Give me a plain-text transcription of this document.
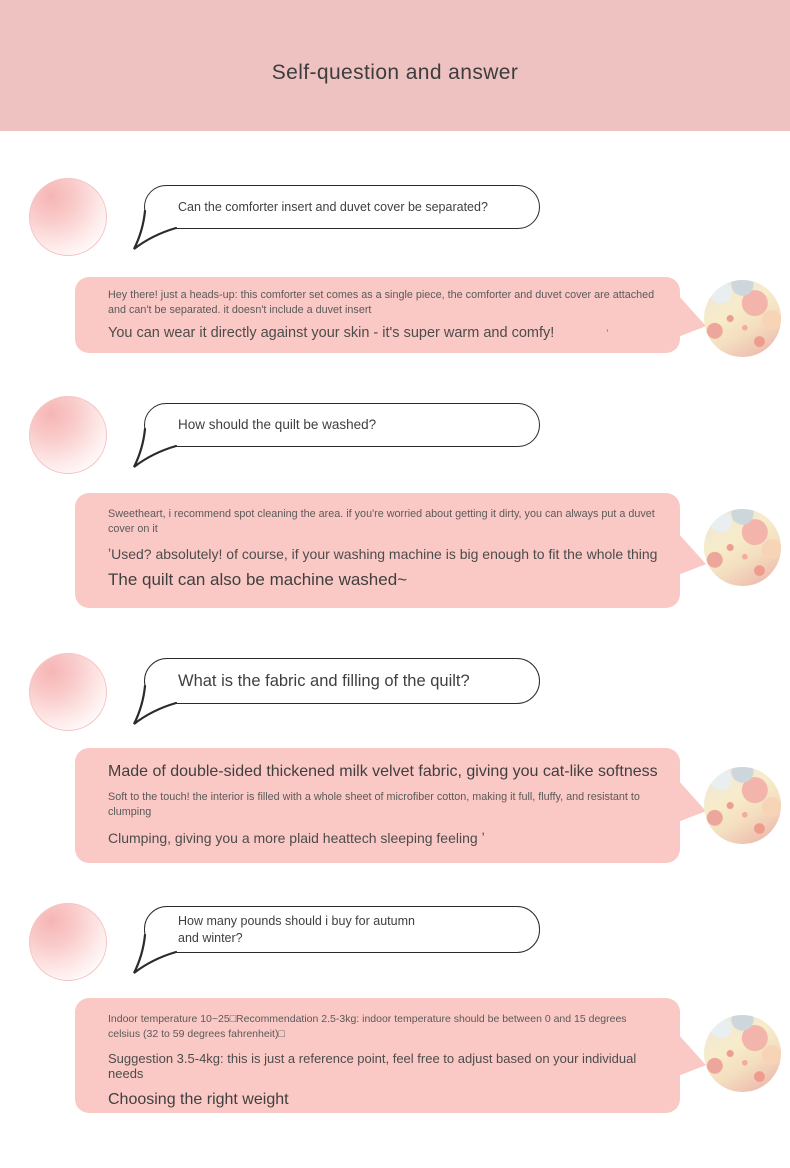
Self-question and answer
Can the comforter insert and duvet cover be separated?

Hey there! just a heads-up: this comforter set comes as a single piece, the comforter and duvet cover are attached and can't be separated. it doesn't include a duvet insert

You can wear it directly against your skin - it's super warm and comfy!	ʼ

How should the quilt be washed?

Sweetheart, i recommend spot cleaning the area. if you're worried about getting it dirty, you can always put a duvet cover on it

ʼUsed? absolutely! of course, if your washing machine is big enough to fit the whole thing

The quilt can also be machine washed~

What is the fabric and filling of the quilt?

Made of double-sided thickened milk velvet fabric, giving you cat-like softness

Soft to the touch! the interior is filled with a whole sheet of microfiber cotton, making it full, fluffy, and resistant to clumping

Clumping, giving you a more plaid heattech sleeping feeling ʼ

How many pounds should i buy for autumn and winter?

Indoor temperature 10~25□Recommendation 2.5-3kg: indoor temperature should be between 0 and 15 degrees celsius (32 to 59 degrees fahrenheit)□

Suggestion 3.5-4kg: this is just a reference point, feel free to adjust based on your individual needs

Choosing the right weight
